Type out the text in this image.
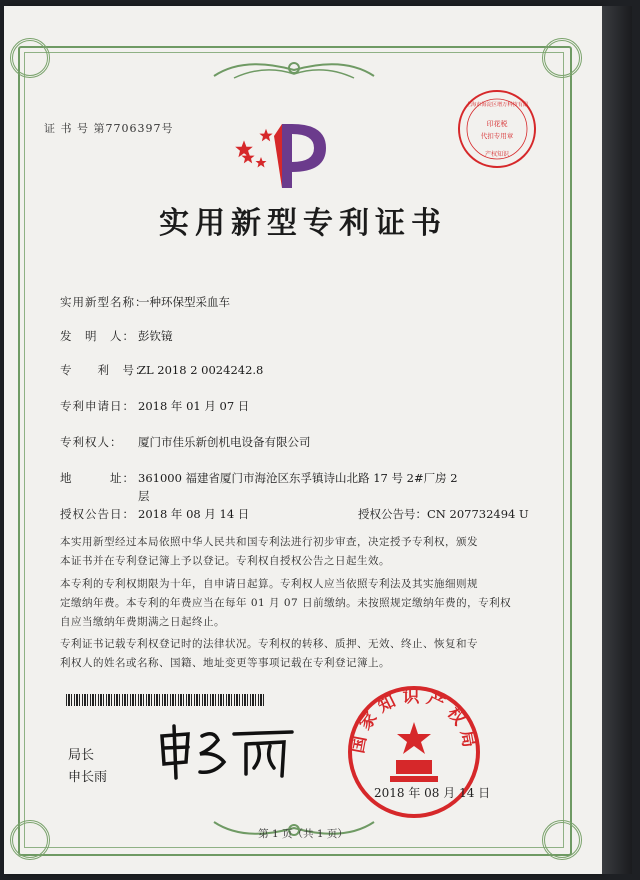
证 书 号 第7706397号
实用新型专利证书
上海市海淀区增万科技有限
印花税
代扣专用章
产权知识
实用新型名称：一种环保型采血车
发　明　人： 彭钦镜
专　　利　号：ZL 2018 2 0024242.8
专利申请日： 2018 年 01 月 07 日
专利权人： 厦门市佳乐新创机电设备有限公司
地　　　址： 361000 福建省厦门市海沧区东孚镇诗山北路 17 号 2#厂房 2
层
授权公告日： 2018 年 08 月 14 日	授权公告号：CN 207732494 U
本实用新型经过本局依照中华人民共和国专利法进行初步审查，决定授予专利权，颁发
本证书并在专利登记簿上予以登记。专利权自授权公告之日起生效。
本专利的专利权期限为十年，自申请日起算。专利权人应当依照专利法及其实施细则规
定缴纳年费。本专利的年费应当在每年 01 月 07 日前缴纳。未按照规定缴纳年费的，专利权
自应当缴纳年费期满之日起终止。
专利证书记载专利权登记时的法律状况。专利权的转移、质押、无效、终止、恢复和专
利权人的姓名或名称、国籍、地址变更等事项记载在专利登记簿上。
局长
申长雨
国家知识产权局
2018 年 08 月 14 日
第 1 页（共 1 页）
